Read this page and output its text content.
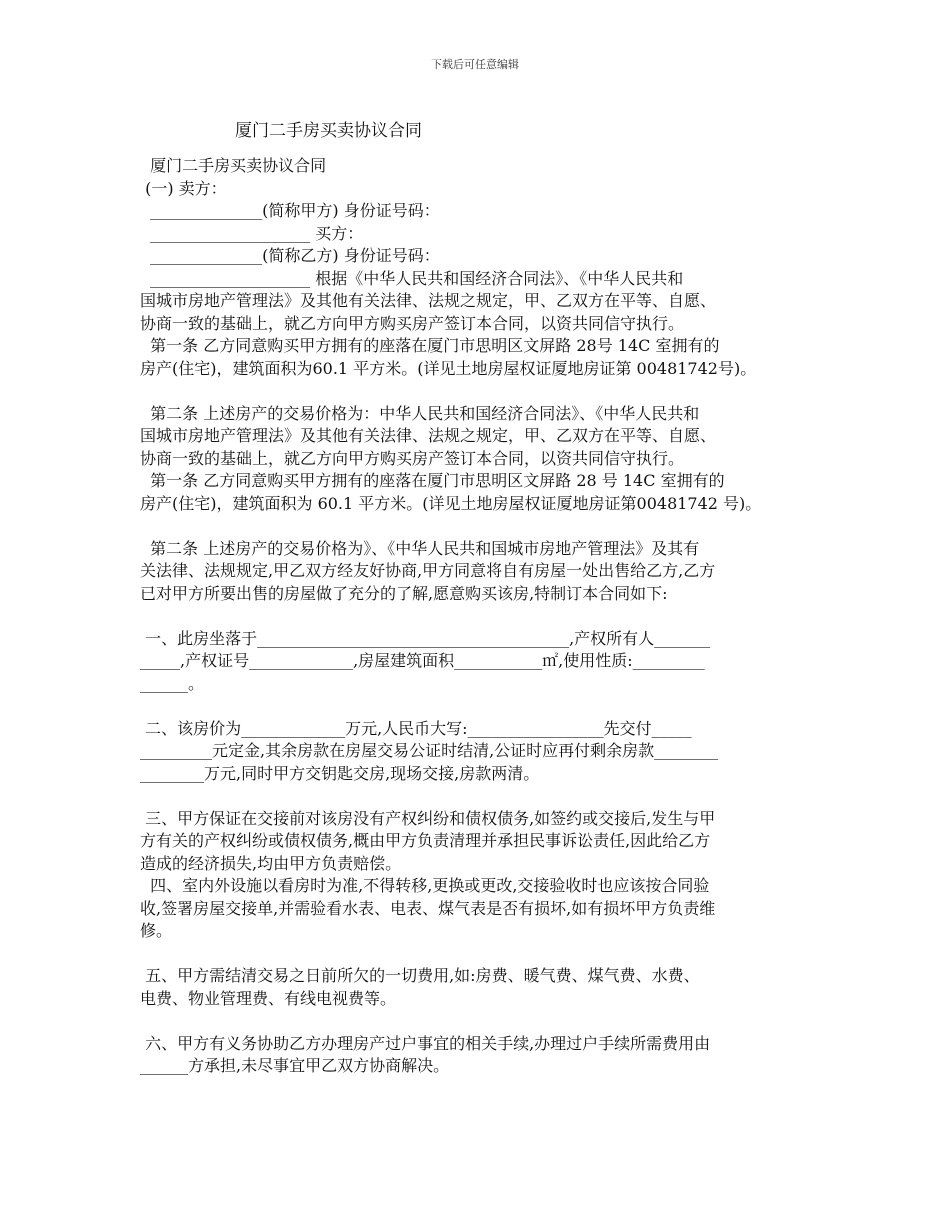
下载后可任意编辑
厦门二手房买卖协议合同
厦门二手房买卖协议合同
(一) 卖方：
______________(简称甲方) 身份证号码：
____________________ 买方：
______________(简称乙方) 身份证号码：
____________________ 根据《中华人民共和国经济合同法》、《中华人民共和
国城市房地产管理法》及其他有关法律、法规之规定，甲、乙双方在平等、自愿、
协商一致的基础上，就乙方向甲方购买房产签订本合同，以资共同信守执行。
第一条 乙方同意购买甲方拥有的座落在厦门市思明区文屏路 28号 14C 室拥有的
房产(住宅)，建筑面积为60.1 平方米。(详见土地房屋权证厦地房证第 00481742号)。
第二条 上述房产的交易价格为：中华人民共和国经济合同法》、《中华人民共和
国城市房地产管理法》及其他有关法律、法规之规定，甲、乙双方在平等、自愿、
协商一致的基础上，就乙方向甲方购买房产签订本合同，以资共同信守执行。
第一条 乙方同意购买甲方拥有的座落在厦门市思明区文屏路 28 号 14C 室拥有的
房产(住宅)，建筑面积为 60.1 平方米。(详见土地房屋权证厦地房证第00481742 号)。
第二条 上述房产的交易价格为》、《中华人民共和国城市房地产管理法》及其有
关法律、法规规定,甲乙双方经友好协商,甲方同意将自有房屋一处出售给乙方,乙方
已对甲方所要出售的房屋做了充分的了解,愿意购买该房,特制订本合同如下:
一、此房坐落于_______________________________________,产权所有人_______
_____,产权证号_____________,房屋建筑面积___________㎡,使用性质:_________
______。
二、该房价为_____________万元,人民币大写:_________________先交付_____
_________元定金,其余房款在房屋交易公证时结清,公证时应再付剩余房款________
________万元,同时甲方交钥匙交房,现场交接,房款两清。
三、甲方保证在交接前对该房没有产权纠纷和债权债务,如签约或交接后,发生与甲
方有关的产权纠纷或债权债务,概由甲方负责清理并承担民事诉讼责任,因此给乙方
造成的经济损失,均由甲方负责赔偿。
四、室内外设施以看房时为准,不得转移,更换或更改,交接验收时也应该按合同验
收,签署房屋交接单,并需验看水表、电表、煤气表是否有损坏,如有损坏甲方负责维
修。
五、甲方需结清交易之日前所欠的一切费用,如:房费、暖气费、煤气费、水费、
电费、物业管理费、有线电视费等。
六、甲方有义务协助乙方办理房产过户事宜的相关手续,办理过户手续所需费用由
______方承担,未尽事宜甲乙双方协商解决。
